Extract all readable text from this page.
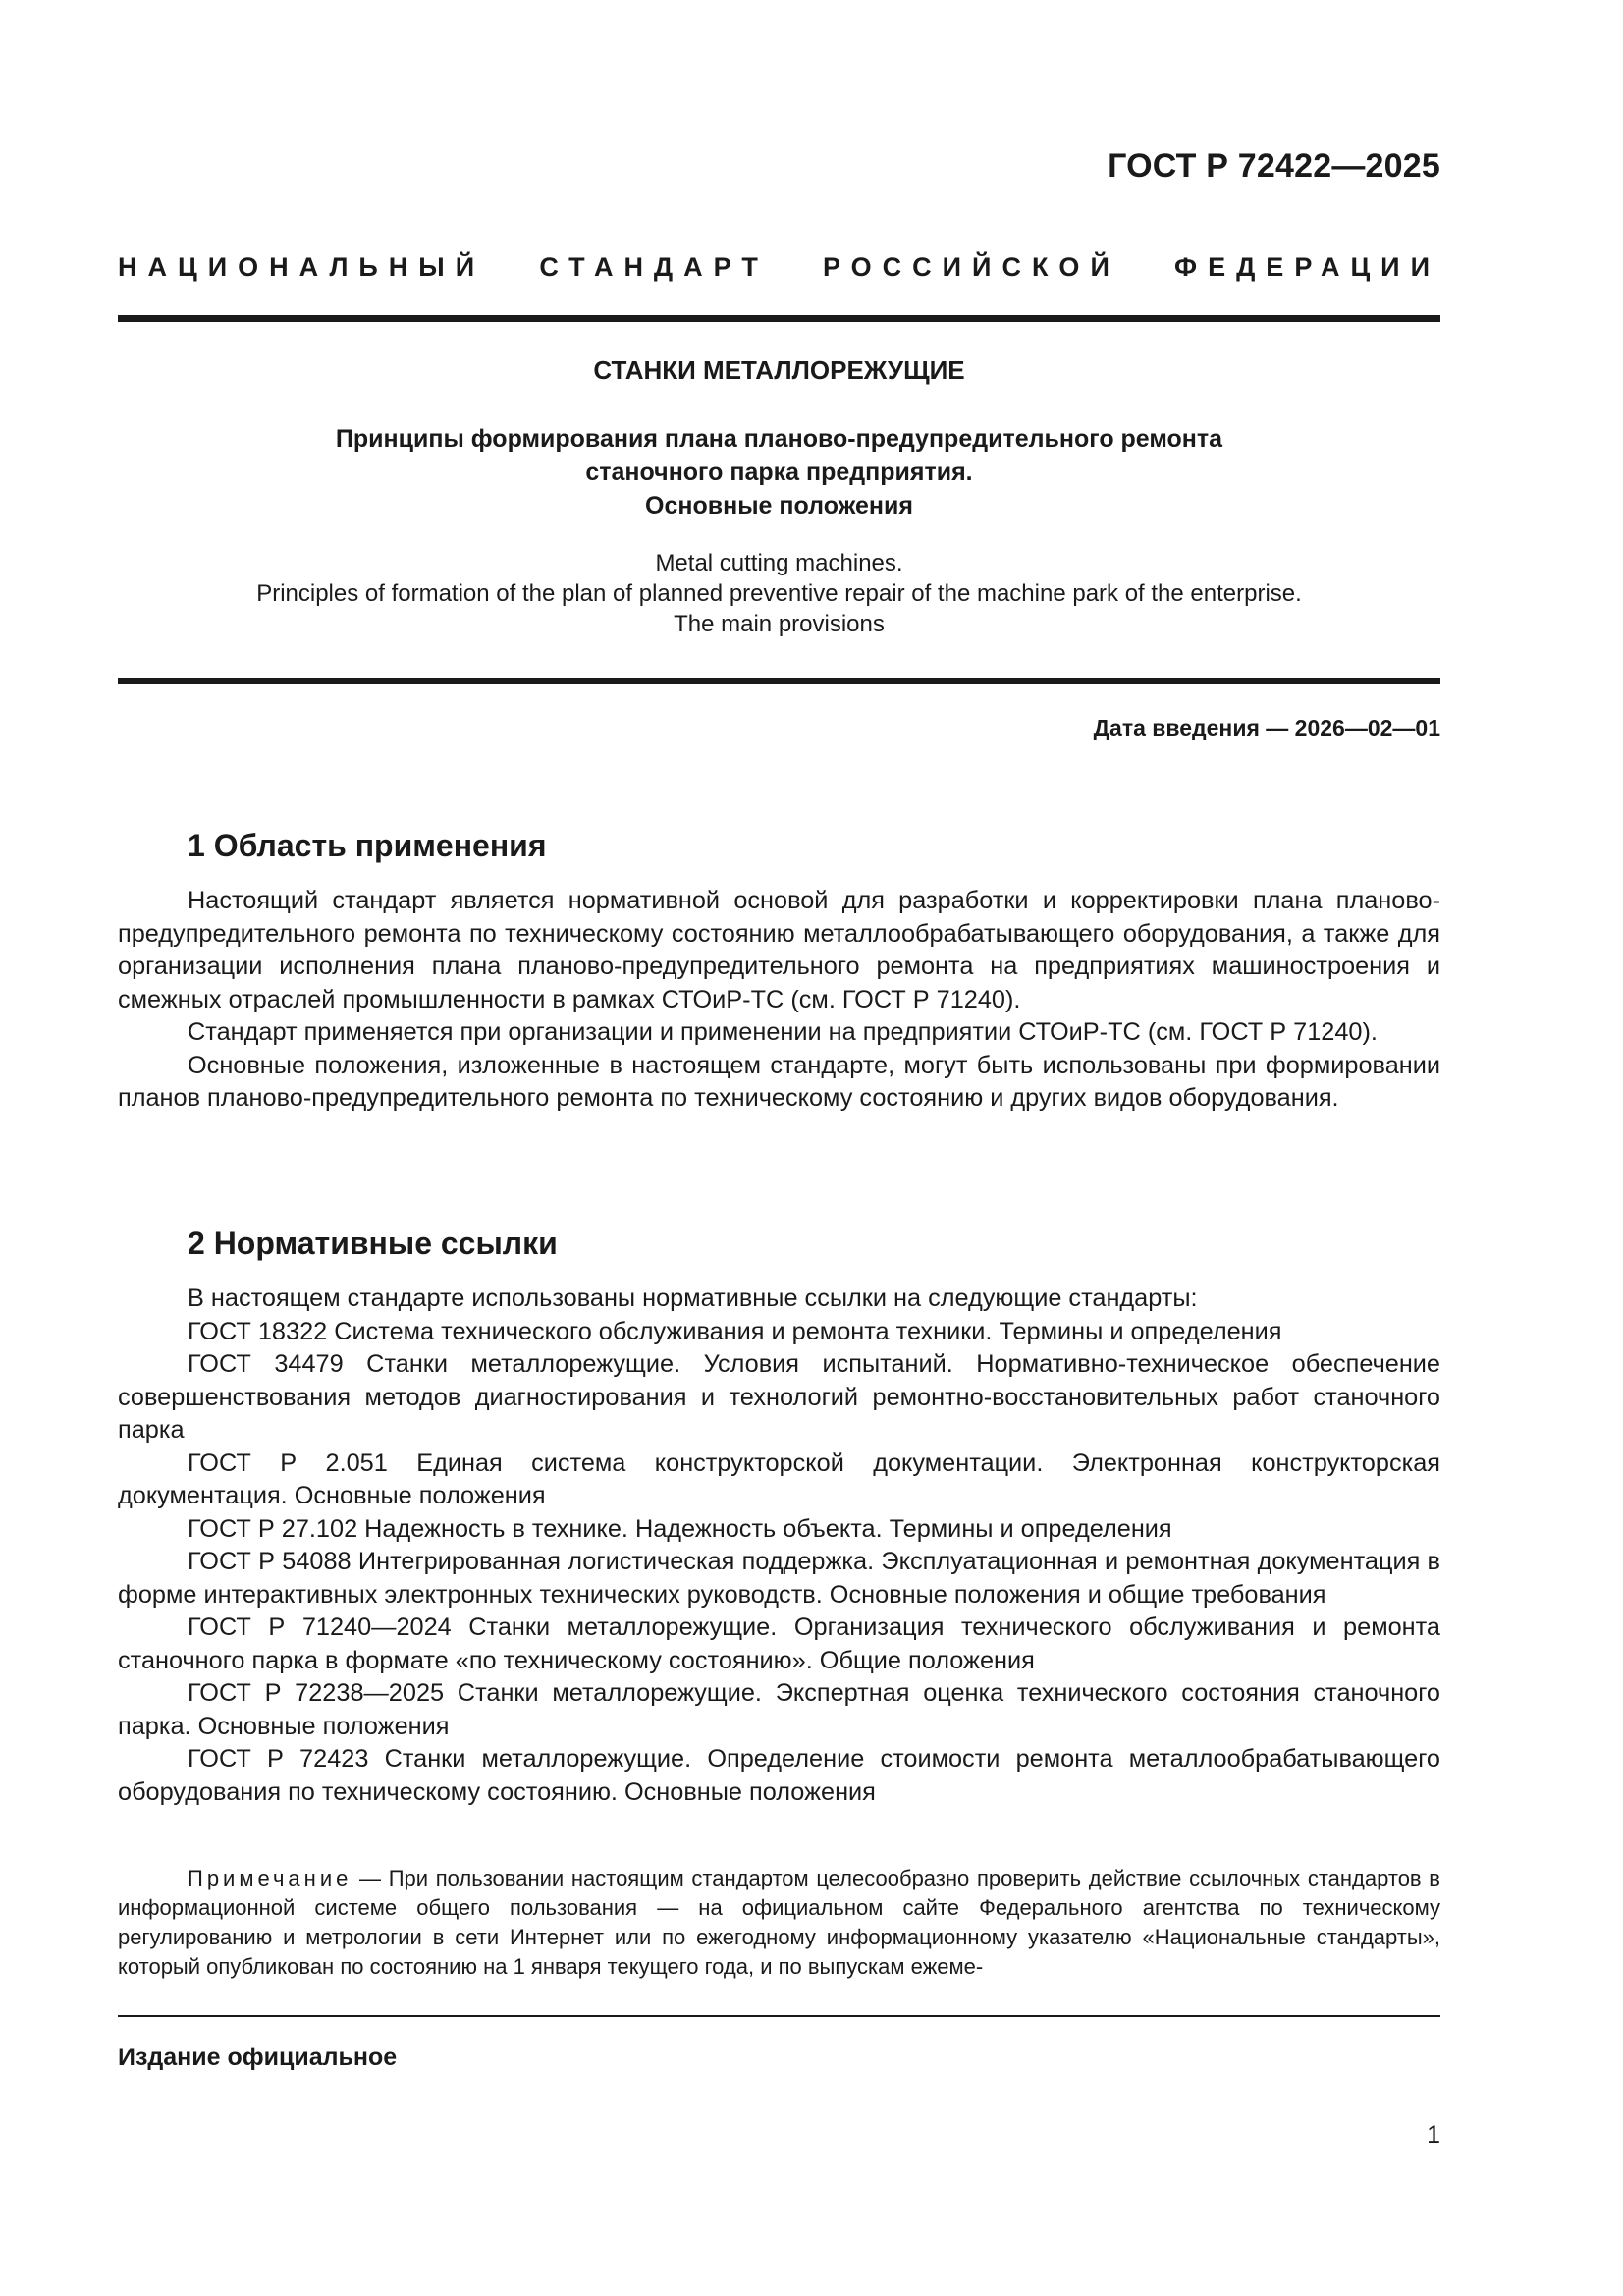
ГОСТ Р 72422—2025
НАЦИОНАЛЬНЫЙ СТАНДАРТ РОССИЙСКОЙ ФЕДЕРАЦИИ
СТАНКИ МЕТАЛЛОРЕЖУЩИЕ
Принципы формирования плана планово-предупредительного ремонта
станочного парка предприятия.
Основные положения
Metal cutting machines.
Principles of formation of the plan of planned preventive repair of the machine park of the enterprise.
The main provisions
Дата введения — 2026—02—01
1 Область применения

Настоящий стандарт является нормативной основой для разработки и корректировки плана планово-предупредительного ремонта по техническому состоянию металлообрабатывающего оборудования, а также для организации исполнения плана планово-предупредительного ремонта на предприятиях машиностроения и смежных отраслей промышленности в рамках СТОиР-ТС (см. ГОСТ Р 71240).

Стандарт применяется при организации и применении на предприятии СТОиР-ТС (см. ГОСТ Р 71240).

Основные положения, изложенные в настоящем стандарте, могут быть использованы при формировании планов планово-предупредительного ремонта по техническому состоянию и других видов оборудования.

2 Нормативные ссылки

В настоящем стандарте использованы нормативные ссылки на следующие стандарты:

ГОСТ 18322 Система технического обслуживания и ремонта техники. Термины и определения

ГОСТ 34479 Станки металлорежущие. Условия испытаний. Нормативно-техническое обеспечение совершенствования методов диагностирования и технологий ремонтно-восстановительных работ станочного парка

ГОСТ Р 2.051 Единая система конструкторской документации. Электронная конструкторская документация. Основные положения

ГОСТ Р 27.102 Надежность в технике. Надежность объекта. Термины и определения

ГОСТ Р 54088 Интегрированная логистическая поддержка. Эксплуатационная и ремонтная документация в форме интерактивных электронных технических руководств. Основные положения и общие требования

ГОСТ Р 71240—2024 Станки металлорежущие. Организация технического обслуживания и ремонта станочного парка в формате «по техническому состоянию». Общие положения

ГОСТ Р 72238—2025 Станки металлорежущие. Экспертная оценка технического состояния станочного парка. Основные положения

ГОСТ Р 72423 Станки металлорежущие. Определение стоимости ремонта металлообрабатывающего оборудования по техническому состоянию. Основные положения

Примечание — При пользовании настоящим стандартом целесообразно проверить действие ссылочных стандартов в информационной системе общего пользования — на официальном сайте Федерального агентства по техническому регулированию и метрологии в сети Интернет или по ежегодному информационному указателю «Национальные стандарты», который опубликован по состоянию на 1 января текущего года, и по выпускам ежеме-

Издание официальное
1
